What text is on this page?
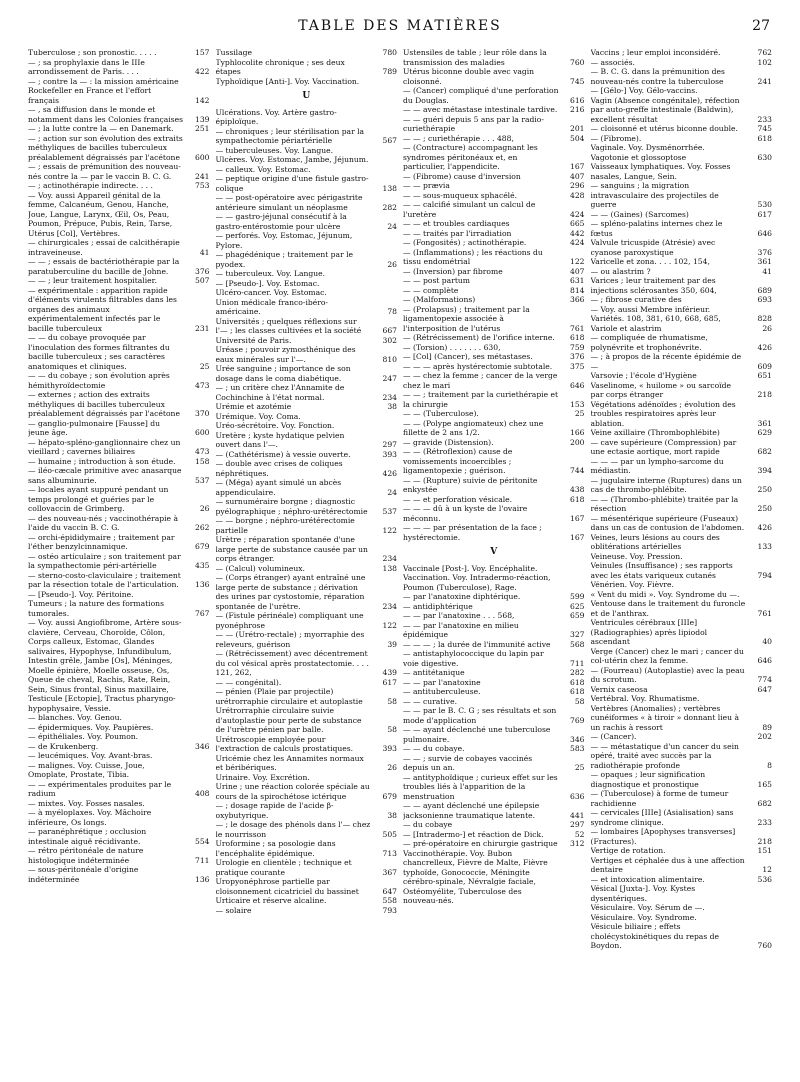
TABLE DES MATIÈRES	27
Tuberculose ; son pronostic. . . . .	157
— ; sa prophylaxie dans le IIIe arrondissement de Paris. . . .	422
— ; contre la — : la mission américaine Rockefeller en France et l'effort français	142
— , sa diffusion dans le monde et notamment dans les Colonies françaises 139
— ; la lutte contre la — en Danemark.	251
— ; action sur son évolution des extraits méthyliques de bacilles tuberculeux préalablement dégraissés par l'acétone	600
— ; essais de prémunition des nouveau-nés contre la — par le vaccin B. C. G.	241
— ; actinothérapie indirecte. . . .	753
— Voy. aussi Appareil génital de la femme, Calcanéum, Genou, Hanche, Joue, Langue, Larynx, Œil, Os, Peau, Poumon, Prépuce, Pubis, Rein, Tarse, Utérus [Col], Vertèbres.
— chirurgicales ; essai de calcithérapie intraveineuse.	41
— — ; essais de bactériothérapie par la paratuberculine du bacille de Johne.	376
— — ; leur traitement hospitalier.	507
— expérimentale : apparition rapide d'éléments virulents filtrables dans les organes des animaux expérimentalement infectés par le bacille tuberculeux	231
— — du cobaye provoquée par l'inoculation des formes filtrantes du bacille tuberculeux ; ses caractères anatomiques et cliniques.	25
— — du cobaye ; son évolution après hémithyroïdectomie	473
— externes ; action des extraits méthyliques di bacilles tuberculeux préalablement dégraissés par l'acétone	370
— ganglio-pulmonaire [Fausse] du jeune âge.	600
— hépato-spléno-ganglionnaire chez un vieillard ; cavernes biliaires	473
— humaine ; introduction à son étude.	158
— iléo-cæcale primitive avec anasarque sans albuminurie.	537
— locales ayant suppuré pendant un temps prolongé et guéries par le collovaccin de Grimberg.	26
— des nouveau-nés ; vaccinothérapie à l'aide du vaccin B. C. G.	262
— orchi-épididymaire ; traitement par l'éther benzylcinnamique.	679
— ostéo articulaire ; son traitement par la sympathectomie péri-artérielle	435
— sterno-costo-claviculaire ; traitement par la résection totale de l'articulation.	136
— [Pseudo-]. Voy. Péritoine.
Tumeurs ; la nature des formations tumorales.	767
— Voy. aussi Angiofibrome, Artère sous-clavière, Cerveau, Choroïde, Côlon, Corps calleux, Estomac, Glandes salivaires, Hypophyse, Infundibulum, Intestin grêle, Jambe [Os], Méninges, Moelle épinière, Moelle osseuse, Os, Queue de cheval, Rachis, Rate, Rein, Sein, Sinus frontal, Sinus maxillaire, Testicule [Ectopie], Tractus pharyngo-hypophysaire, Vessie.
— blanches. Voy. Genou.
— épidermiques. Voy. Paupières.
— épithéliales. Voy. Poumon.
— de Krukenberg.	346
— leucémiques. Voy. Avant-bras.
— malignes. Voy. Cuisse, Joue, Omoplate, Prostate, Tibia.
— — expérimentales produites par le radium	408
— mixtes. Voy. Fosses nasales.
— à myéloplaxes. Voy. Mâchoire inférieure, Os longs.
— paranéphrétique ; occlusion intestinale aiguë récidivante.	554
— rétro péritonéale de nature histologique indéterminée	711
— sous-péritonéale d'origine indéterminée	136
Tussilage	780
Typhlocolite chronique ; ses deux étapes	789
Typhoïdique [Anti-]. Voy. Vaccination.
U
Ulcérations. Voy. Artère gastro-épiploïque.
— chroniques ; leur stérilisation par la sympathectomie périartérielle	567
— tuberculeuses. Voy. Langue.
Ulcères. Voy. Estomac, Jambe, Jéjunum.
— calleux. Voy. Estomac.
— peptique origine d'une fistule gastro-colique	138
— — post-opératoire avec périgastrite antérieure simulant un néoplasme	282
— — gastro-jéjunal consécutif à la gastro-entérostomie pour ulcère	24
— perforés. Voy. Estomac, Jéjunum, Pylore.
— phagédénique ; traitement par le pyodex.	26
— tuberculeux. Voy. Langue.
— [Pseudo-]. Voy. Estomac.
Ulcéro-cancer. Voy. Estomac.
Union médicale franco-ibéro-américaine.	78
Universités ; quelques réflexions sur l'— ; les classes cultivées et la société	667
Université de Paris.	302
Uréase ; pouvoir zymosthénique des eaux minérales sur l'—.	810
Urée sanguine ; importance de son dosage dans le coma diabétique.	247
— ; un critère chez l'Annamite de Cochinchine à l'état normal.	234
Urémie et azotémie	38
Urémique. Voy. Coma.
Uréo-sécrétoire. Voy. Fonction.
Uretère ; kyste hydatique pelvien ouvert dans l'—.	297
— (Cathétérisme) à vessie ouverte.	393
— double avec crises de coliques néphrétiques.	426
— (Méga) ayant simulé un abcès appendiculaire.	24
— surnuméraire borgne ; diagnostic pyélographique ; néphro-urétérectomie	537
— — borgne ; néphro-urétérectomie partielle	122
Urètre ; réparation spontanée d'une large perte de substance causée par un corps étranger.	234
— (Calcul) volumineux.	138
— (Corps étranger) ayant entraîné une large perte de substance ; dérivation des urines par cystostomie, réparation spontanée de l'urètre.	234
— (Fistule périnéale) compliquant une pyonéphrose	122
— — (Urétro-rectale) ; myorraphie des releveurs, guérison	39
— (Rétrécissement) avec décentrement du col vésical après prostatectomie. . . . 121, 262,	439
— — congénital).	617
— pénien (Plaie par projectile) urétrorraphie circulaire et autoplastie	58
Urétrorraphie circulaire suivie d'autoplastie pour perte de substance de l'urètre pénien par balle.	58
Urétroscopie employée pour l'extraction de calculs prostatiques.	393
Uricémie chez les Annamites normaux et béribériques.	26
Urinaire. Voy. Excrétion.
Urine ; une réaction colorée spéciale au cours de la spirochétose ictérique	679
— ; dosage rapide de l'acide β-oxybutyrique.	38
— ; le dosage des phénols dans l'— chez le nourrisson	505
Uroformine ; sa posologie dans l'encéphalite épidémique.	713
Urologie en clientèle ; technique et pratique courante	367
Uropyonéphrose partielle par cloisonnement cicatriciel du bassinet	647
Urticaire et réserve alcaline.	558
— solaire	793
Ustensiles de table ; leur rôle dans la transmission des maladies	760
Utérus biconne double avec vagin cloisonné.	745
— (Cancer) compliqué d'une perforation du Douglas.	616
— — avec métastase intestinale tardive. 216
— — guéri depuis 5 ans par la radio-curiethérapie	201
— — ; curiethérapie . . . 488,	504
— (Contracture) accompagnant les syndromes péritonéaux et, en particulier, l'appendicite.	167
— (Fibrome) cause d'inversion	407
— — prævia	296
— — sous-muqueux sphacélé.	428
— — calcifié simulant un calcul de l'uretère	424
— — et troubles cardiaques	665
— — traités par l'irradiation	442
— (Fongosités) ; actinothérapie.	424
— (Inflammations) ; les réactions du tissu endométrial	122
— (Inversion) par fibrome	407
— — post partum	631
— — complète	814
— (Malformations)	366
— (Prolapsus) ; traitement par la ligamentopexie associée à l'interposition de l'utérus	761
— (Rétrécissement) de l'orifice interne.	618
— (Torsion) . . . . . . . 630,	759
— [Col] (Cancer), ses métastases.	376
— — — après hystérectomie subtotale.	375
— — chez la femme ; cancer de la verge chez le mari	646
— — ; traitement par la curiethérapie et la chirurgie	153
— — (Tuberculose).	25
— — (Polype angiomateux) chez une fillette de 2 ans 1/2.	166
— gravide (Distension).	200
— — (Rétroflexion) cause de vomissements incoercibles ; ligamentopexie ; guérison.	744
— — (Rupture) suivie de péritonite enkystée	438
— — et perforation vésicale.	618
— — — dû à un kyste de l'ovaire méconnu.	167
— — — par présentation de la face ; hystérectomie.	167
V
Vaccinale [Post-]. Voy. Encéphalite.
Vaccination. Voy. Intradermo-réaction, Poumon (Tuberculose), Rage.
— par l'anatoxine diphtérique.	599
— antidiphtérique	625
— — par l'anatoxine . . . 568,	659
— — par l'anatoxine en milieu épidémique	327
— — — ; la durée de l'immunité active	568
— antistaphylococcique du lapin par voie digestive.	711
— antitétanique	282
— — par l'anatoxine	618
— antituberculeuse.	618
— — curative.	58
— — par le B. C. G ; ses résultats et son mode d'application	769
— — ayant déclenché une tuberculose pulmonaire.	346
— — du cobaye.	583
— — ; survie de cobayes vaccinés depuis un an.	25
— antityphoïdique ; curieux effet sur les troubles liés à l'apparition de la menstruation	636
— — ayant déclenché une épilepsie jacksonienne traumatique latente.	441
— du cobaye	297
— [Intradermo-] et réaction de Dick.	52
— pré-opératoire en chirurgie gastrique 312
Vaccinothérapie. Voy. Bubon chancrelleux, Fièvre de Malte, Fièvre typhoïde, Gonococcie, Méningite cérébro-spinale, Névralgie faciale, Ostéomyélite, Tuberculose des nouveau-nés.
Vaccins ; leur emploi inconsidéré.	762
— associés.	102
— B. C. G. dans la prémunition des nouveau-nés contre la tuberculose	241
— [Gélo-] Voy. Gélo-vaccins.
Vagin (Absence congénitale), réfection par auto-greffe intestinale (Baldwin), excellent résultat	233
— cloisonné et utérus biconne double.	745
— (Fibrome).	618
Vaginale. Voy. Dysménorrhée.
Vagotonie et glossoptose	630
Vaisseaux lymphatiques. Voy. Fosses nasales, Langue, Sein.
— sanguins ; la migration intravasculaire des projectiles de guerre	530
— — (Gaines) (Sarcomes)	617
— spléno-palatins internes chez le fœtus	646
Valvule tricuspide (Atrésie) avec cyanose paroxystique	376
Varicelle et zona. . . . 102, 154,	361
— ou alastrim ?	41
Varices ; leur traitement par des injections sclérosantes 350, 604,	689
— ; fibrose curative des	693
— Voy. aussi Membre inférieur.
Variétés. 108, 381, 610, 668, 685,	828
Variole et alastrim	26
— compliquée de rhumatisme, polynévrite et trophonévrite.	426
— ; à propos de la récente épidémie de —	609
Varsovie ; l'école d'Hygiène	651
Vaselinome, « huilome » ou sarcoïde par corps étranger	218
Végétations adénoïdes ; évolution des troubles respiratoires après leur ablation.	361
Veine axillaire (Thrombophlébite)	629
— cave supérieure (Compression) par une ectasie aortique, mort rapide	682
— — — par un lympho-sarcome du médiastin.	394
— jugulaire interne (Ruptures) dans un cas de thrombo-phlébite.	250
— — (Thrombo-phlébite) traitée par la résection	250
— mésentérique supérieure (Fuseaux) dans un cas de contusion de l'abdomen. 426
Veines, leurs lésions au cours des oblitérations artérielles	133
Veineuse. Voy. Pression.
Veinules (Insuffisance) ; ses rapports avec les états variqueux cutanés	794
Vénérien. Voy. Fièvre.
« Vent du midi ». Voy. Syndrome du —.
Ventouse dans le traitement du furoncle et de l'anthrax.	761
Ventricules cérébraux [IIIe] (Radiographies) après lipiodol ascendant	40
Verge (Cancer) chez le mari ; cancer du col-utérin chez la femme.	646
— (Fourreau) (Autoplastie) avec la peau du scrotum.	774
Vernix caseosa	647
Vertébral. Voy. Rhumatisme.
Vertèbres (Anomalies) ; vertèbres cunéiformes « à tiroir » donnant lieu à un rachis à ressort	89
— (Cancer).	202
— — métastatique d'un cancer du sein opéré, traité avec succès par la radiothérapie profonde	8
— opaques ; leur signification diagnostique et pronostique	165
— (Tuberculose) à forme de tumeur rachidienne	682
— cervicales [IIIe] (Asialisation) sans syndrome clinique.	233
— lombaires [Apophyses transverses] (Fractures).	218
Vertige de rotation.	151
Vertiges et céphalée dus à une affection dentaire	12
— et intoxication alimentaire.	536
Vésical [Juxta-]. Voy. Kystes dysentériques.
Vésiculaire. Voy. Sérum de —.
Vésiculaire. Voy. Syndrome.
Vésicule biliaire ; effets cholécystokinétiques du repas de Boydon.	760
